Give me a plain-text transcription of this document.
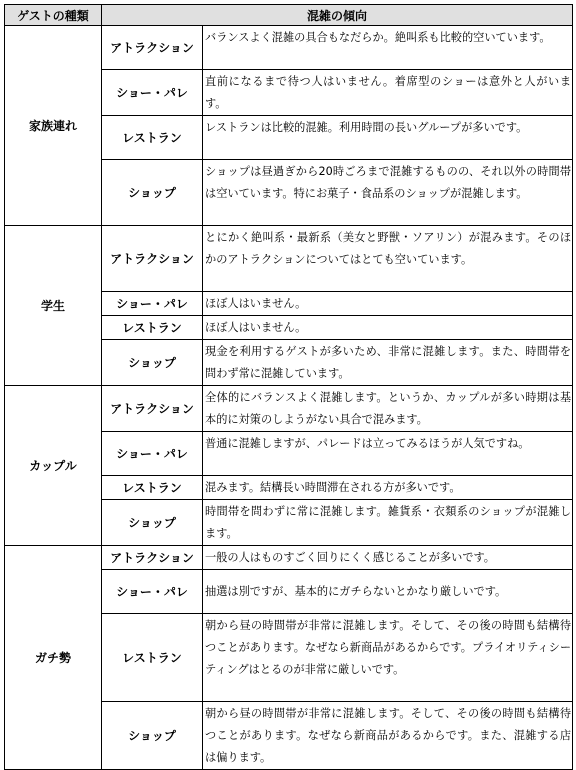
ゲストの種類	混雑の傾向	
家族連れ	アトラクション	バランスよく混雑の具合もなだらか。絶叫系も比較的空いています。
	ショー・パレ	直前になるまで待つ人はいません。着席型のショーは意外と人がいます。
	レストラン	レストランは比較的混雑。利用時間の長いグループが多いです。
	ショップ	ショップは昼過ぎから20時ごろまで混雑するものの、それ以外の時間帯は空いています。特にお菓子・食品系のショップが混雑します。
学生	アトラクション	とにかく絶叫系・最新系（美女と野獣・ソアリン）が混みます。そのほかのアトラクションについてはとても空いています。
	ショー・パレ	ほぼ人はいません。
	レストラン	ほぼ人はいません。
	ショップ	現金を利用するゲストが多いため、非常に混雑します。また、時間帯を問わず常に混雑しています。
カップル	アトラクション	全体的にバランスよく混雑します。というか、カップルが多い時期は基本的に対策のしようがない具合で混みます。
	ショー・パレ	普通に混雑しますが、パレードは立ってみるほうが人気ですね。
	レストラン	混みます。結構長い時間滞在される方が多いです。
	ショップ	時間帯を問わずに常に混雑します。雑貨系・衣類系のショップが混雑します。
ガチ勢	アトラクション	一般の人はものすごく回りにくく感じることが多いです。
	ショー・パレ	抽選は別ですが、基本的にガチらないとかなり厳しいです。
	レストラン	朝から昼の時間帯が非常に混雑します。そして、その後の時間も結構待つことがあります。なぜなら新商品があるからです。プライオリティシーティングはとるのが非常に厳しいです。
	ショップ	朝から昼の時間帯が非常に混雑します。そして、その後の時間も結構待つことがあります。なぜなら新商品があるからです。また、混雑する店は偏ります。
